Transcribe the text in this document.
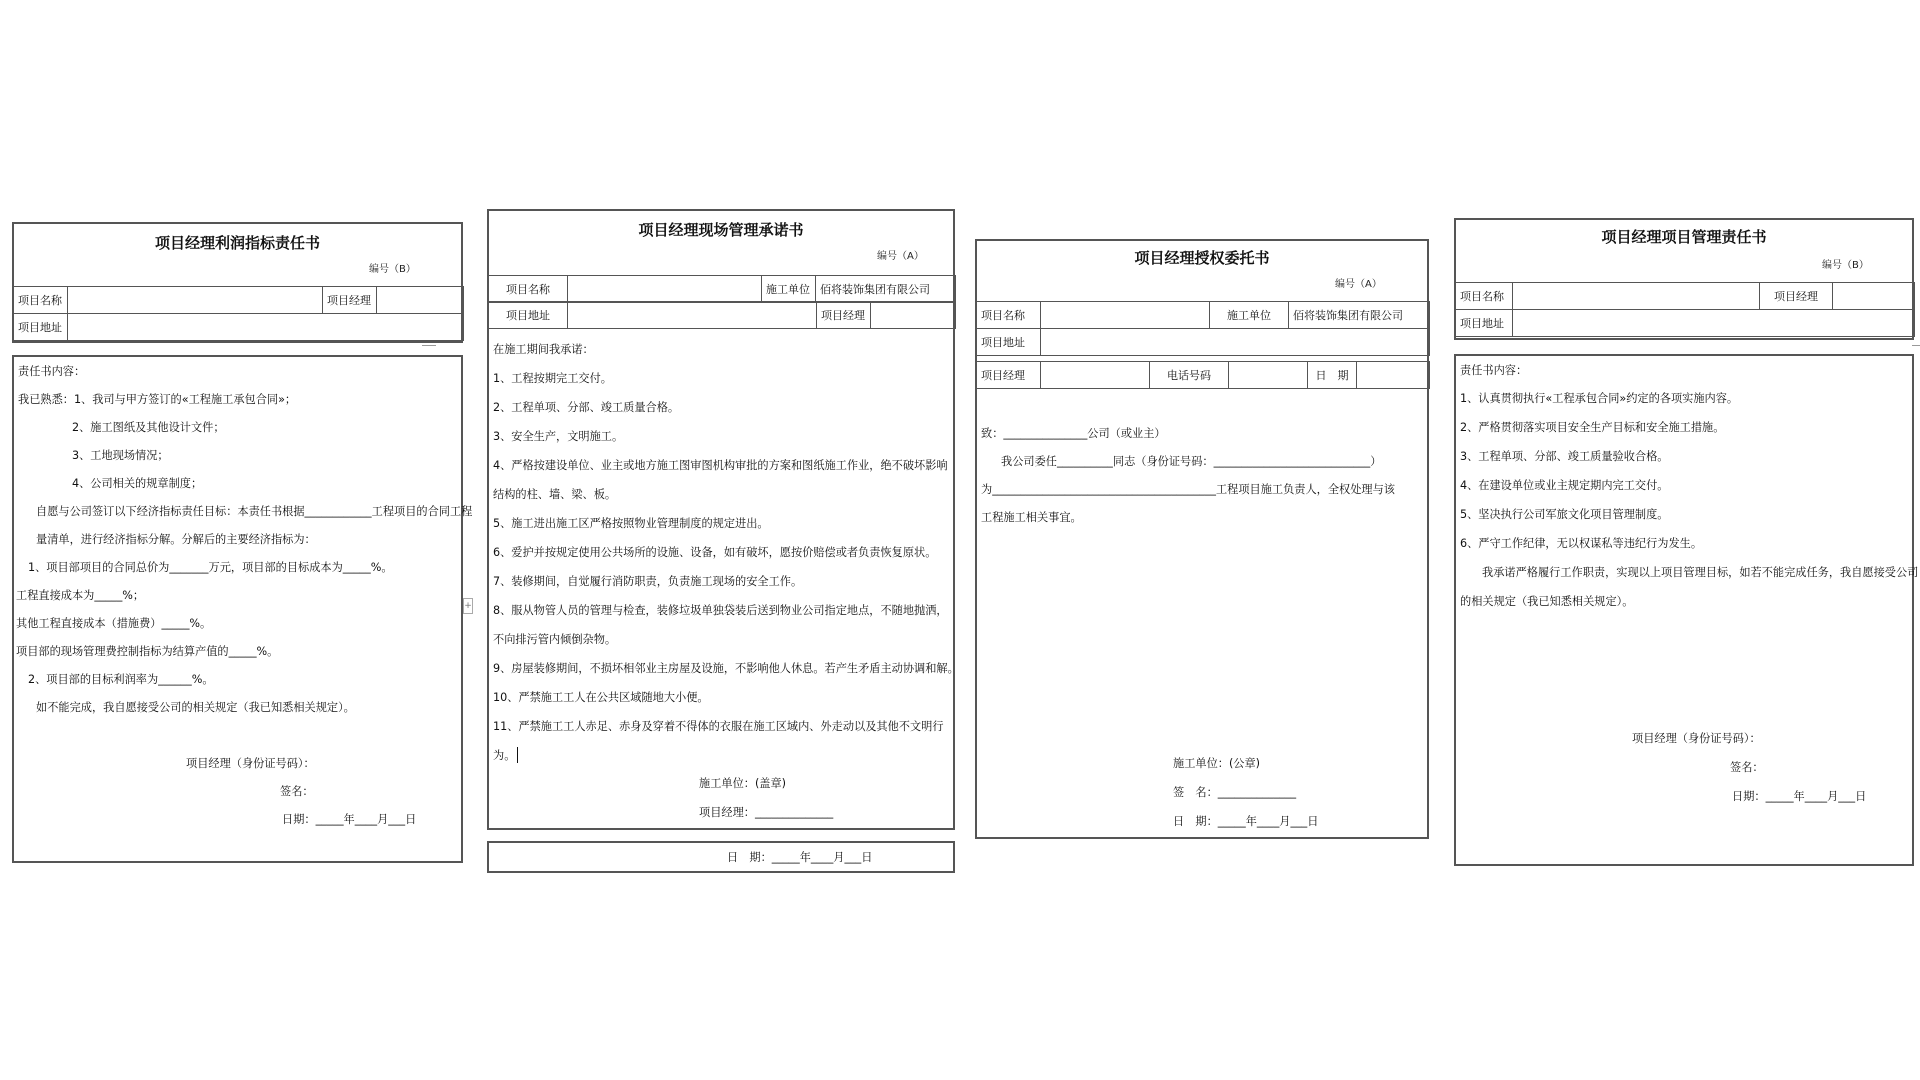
项目经理利润指标责任书
编号（B）
项目名称		项目经理	
项目地址			
责任书内容：
我已熟悉：1、我司与甲方签订的«工程施工承包合同»；
2、施工图纸及其他设计文件；
3、工地现场情况；
4、公司相关的规章制度；
自愿与公司签订以下经济指标责任目标：本责任书根据____________工程项目的合同工程
量清单，进行经济指标分解。分解后的主要经济指标为：
1、项目部项目的合同总价为_______万元，项目部的目标成本为_____%。
工程直接成本为_____%；
其他工程直接成本（措施费）_____%。
项目部的现场管理费控制指标为结算产值的_____%。
2、项目部的目标利润率为______%。
如不能完成，我自愿接受公司的相关规定（我已知悉相关规定）。
项目经理（身份证号码）：
签名：
日期：_____年____月___日
项目经理现场管理承诺书
编号（A）
项目名称		施工单位	佰将装饰集团有限公司
项目地址		项目经理	
在施工期间我承诺：
1、工程按期完工交付。
2、工程单项、分部、竣工质量合格。
3、安全生产，文明施工。
4、严格按建设单位、业主或地方施工图审图机构审批的方案和图纸施工作业，绝不破坏影响
结构的柱、墙、梁、板。
5、施工进出施工区严格按照物业管理制度的规定进出。
6、爱护并按规定使用公共场所的设施、设备，如有破坏，愿按价赔偿或者负责恢复原状。
7、装修期间，自觉履行消防职责，负责施工现场的安全工作。
8、服从物管人员的管理与检查，装修垃圾单独袋装后送到物业公司指定地点，不随地抛洒，
不向排污管内倾倒杂物。
9、房屋装修期间，不损坏相邻业主房屋及设施，不影响他人休息。若产生矛盾主动协调和解。
10、严禁施工工人在公共区域随地大小便。
11、严禁施工工人赤足、赤身及穿着不得体的衣服在施工区域内、外走动以及其他不文明行
为。
施工单位：(盖章)
项目经理：______________
日　期：_____年____月___日
项目经理授权委托书
编号（A）
项目名称		施工单位	佰将装饰集团有限公司
项目地址			
项目经理		电话号码		日　期	
致：_______________公司（或业主）
我公司委任__________同志（身份证号码：____________________________）
为________________________________________工程项目施工负责人，全权处理与该
工程施工相关事宜。
施工单位：(公章)
签　名：______________
日　期：_____年____月___日
项目经理项目管理责任书
编号（B）
项目名称		项目经理	
项目地址			
责任书内容：
1、认真贯彻执行«工程承包合同»约定的各项实施内容。
2、严格贯彻落实项目安全生产目标和安全施工措施。
3、工程单项、分部、竣工质量验收合格。
4、在建设单位或业主规定期内完工交付。
5、坚决执行公司军旅文化项目管理制度。
6、严守工作纪律，无以权谋私等违纪行为发生。
我承诺严格履行工作职责，实现以上项目管理目标，如若不能完成任务，我自愿接受公司
的相关规定（我已知悉相关规定）。
项目经理（身份证号码）：
签名：
日期：_____年____月___日
+
